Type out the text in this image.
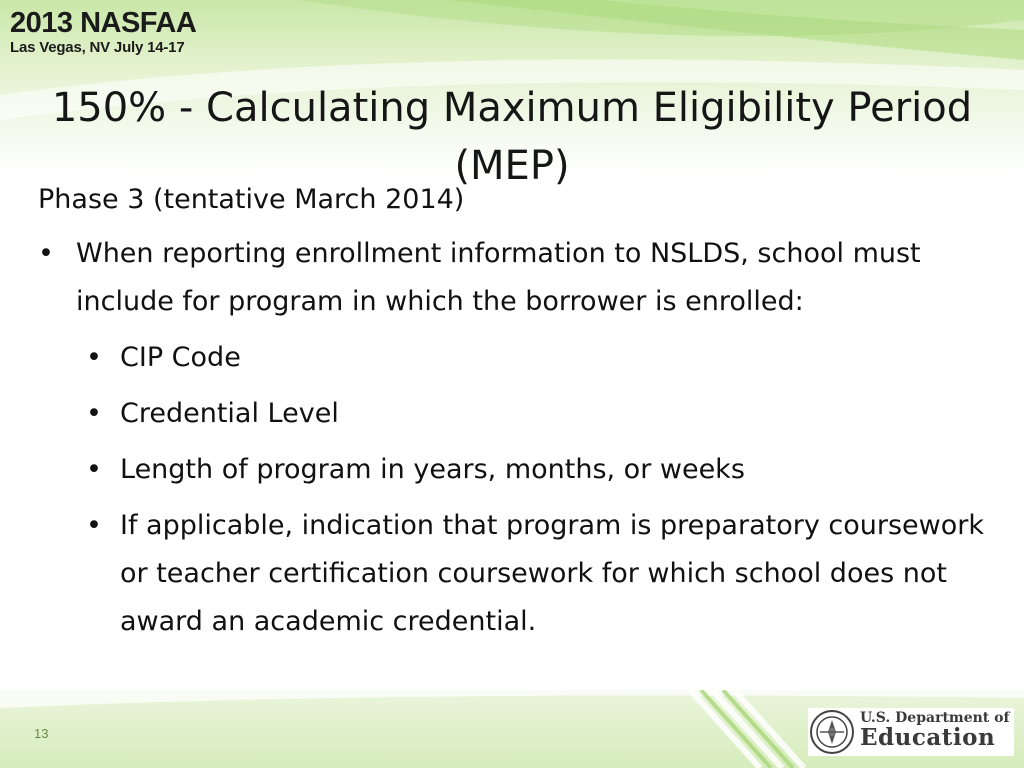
2013 NASFAA
Las Vegas, NV July 14-17
150% - Calculating Maximum Eligibility Period (MEP)

Phase 3 (tentative March 2014)

• When reporting enrollment information to NSLDS, school must include for program in which the borrower is enrolled:

• CIP Code

• Credential Level

• Length of program in years, months, or weeks

• If applicable, indication that program is preparatory coursework or teacher certification coursework for which school does not award an academic credential.

13
U.S. Department of
Education
